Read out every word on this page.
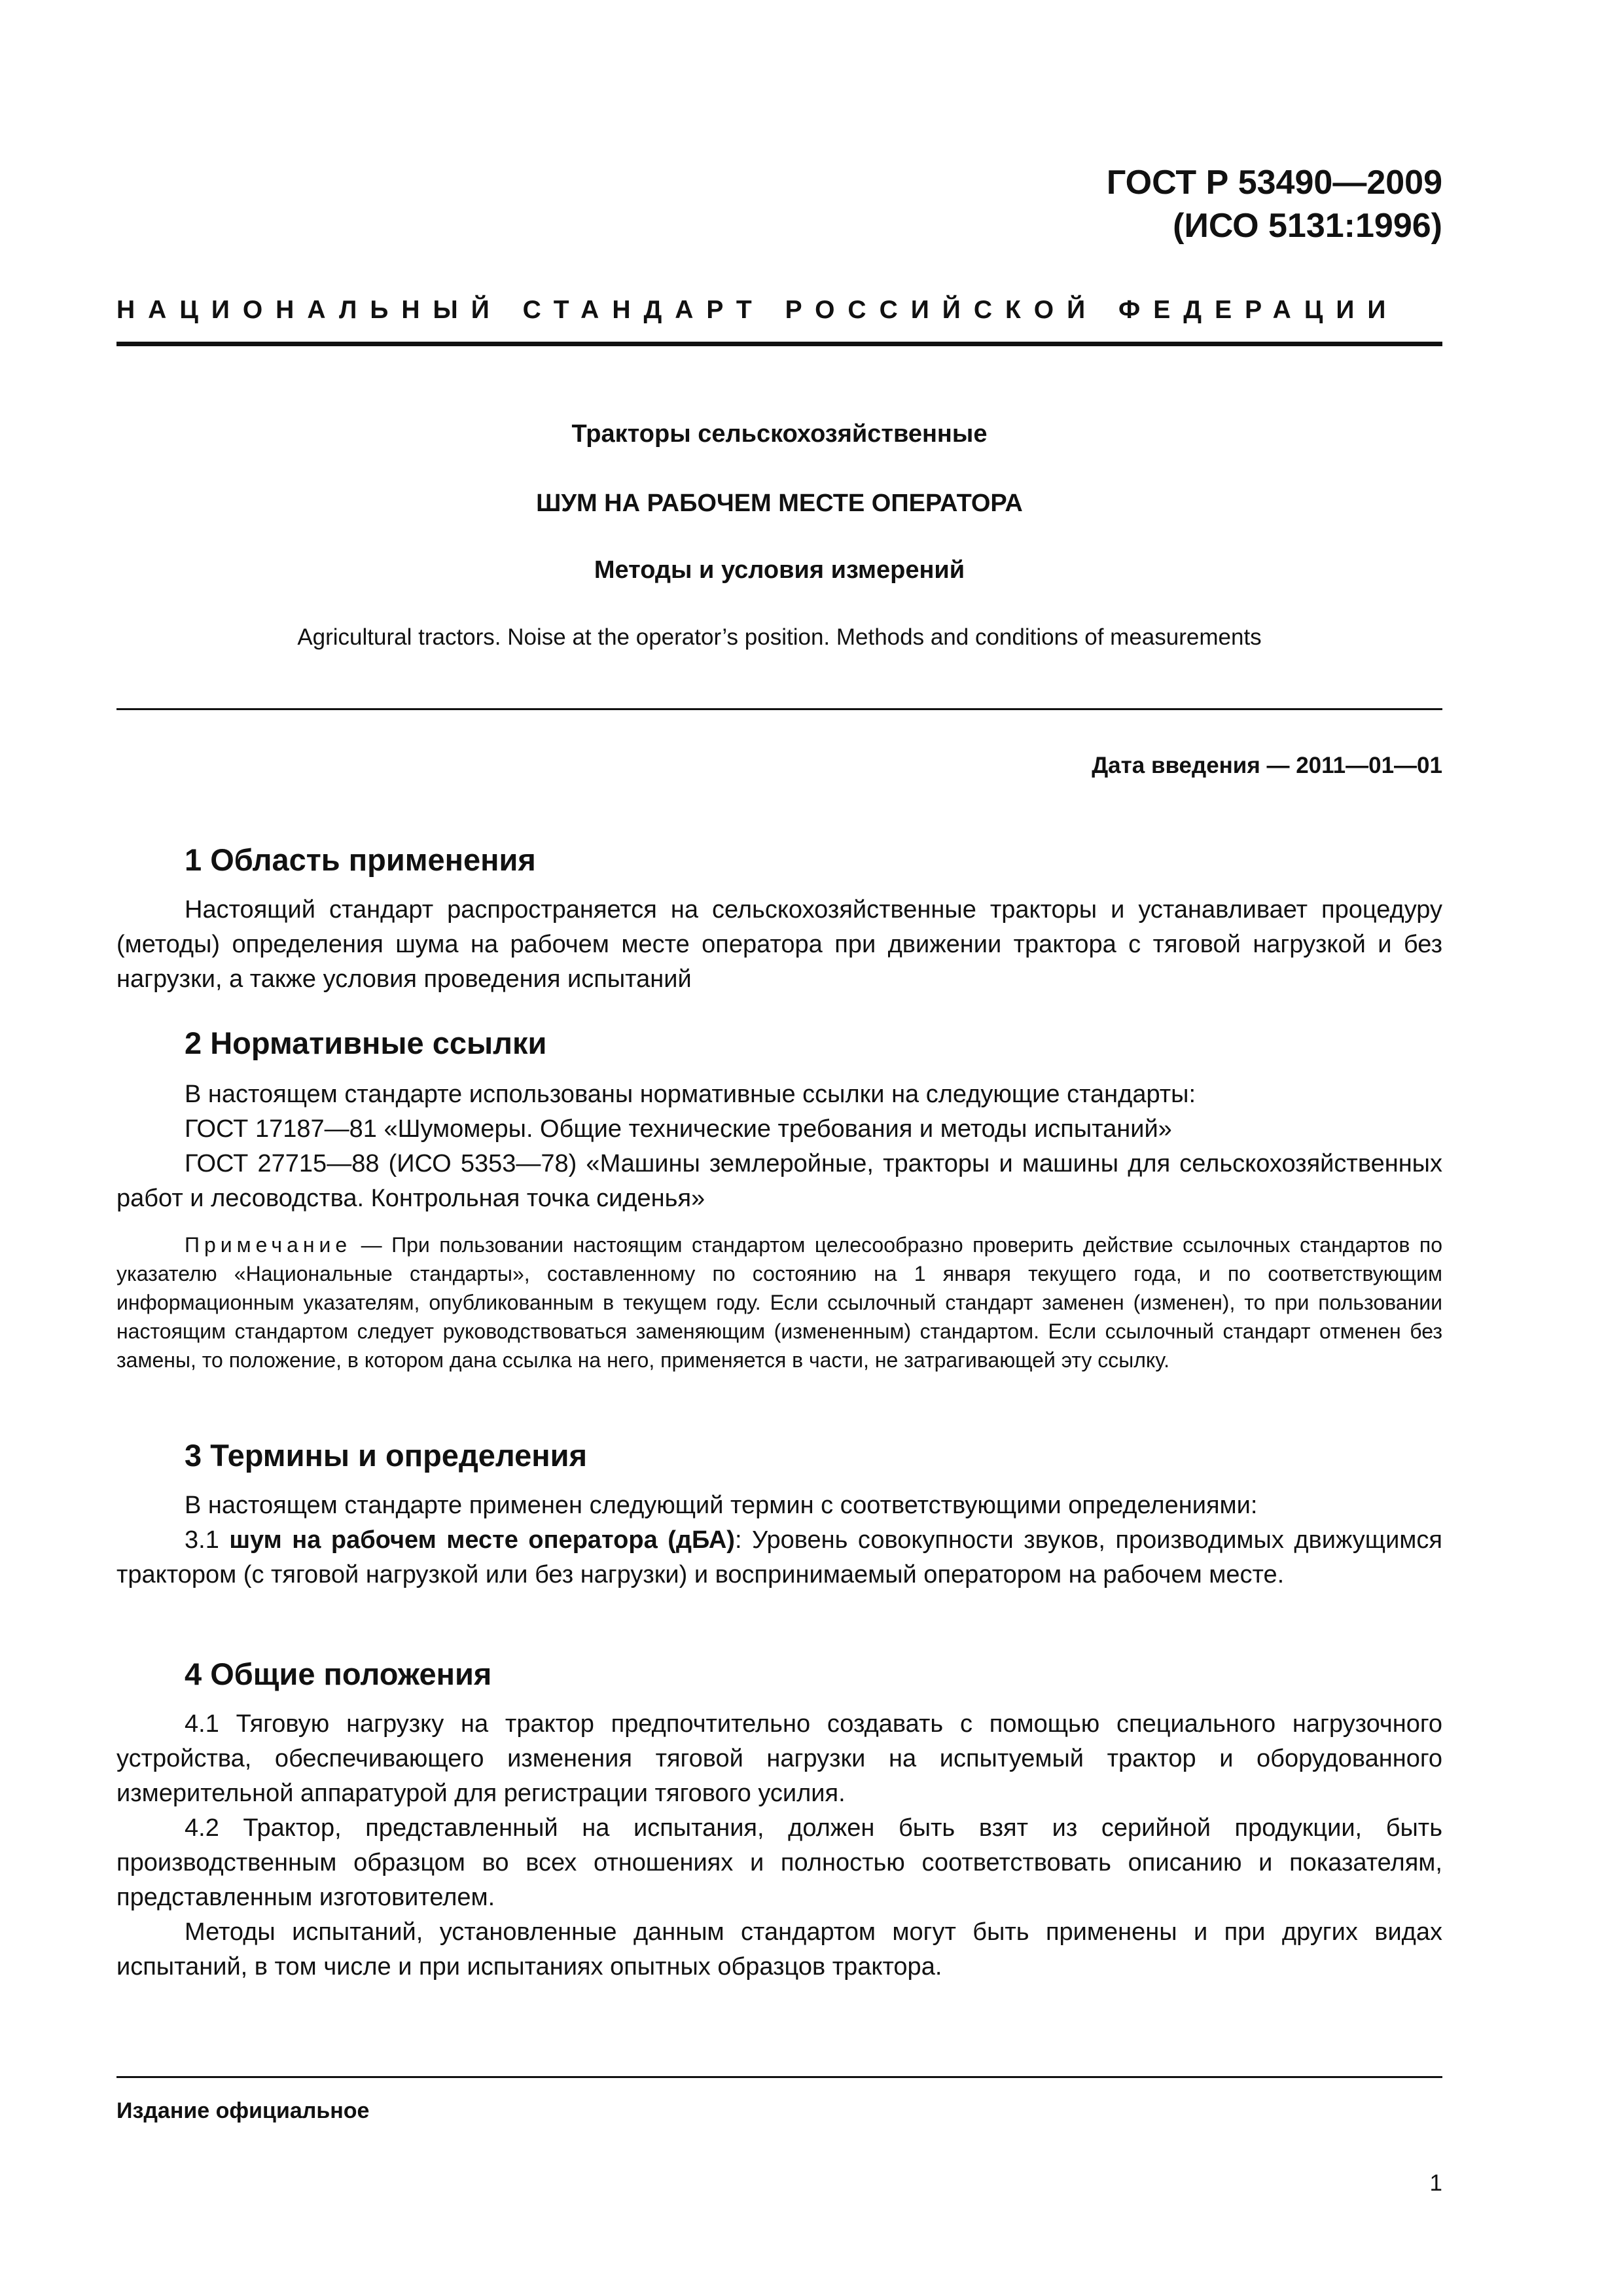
ГОСТ Р 53490—2009
(ИСО 5131:1996)
НАЦИОНАЛЬНЫЙ СТАНДАРТ РОССИЙСКОЙ ФЕДЕРАЦИИ
Тракторы сельскохозяйственные
ШУМ НА РАБОЧЕМ МЕСТЕ ОПЕРАТОРА
Методы и условия измерений
Agricultural tractors. Noise at the operator’s position. Methods and conditions of measurements
Дата введения — 2011—01—01
1 Область применения

Настоящий стандарт распространяется на сельскохозяйственные тракторы и устанавливает процедуру (методы) определения шума на рабочем месте оператора при движении трактора с тяговой нагрузкой и без нагрузки, а также условия проведения испытаний

2 Нормативные ссылки

В настоящем стандарте использованы нормативные ссылки на следующие стандарты:

ГОСТ 17187—81 «Шумомеры. Общие технические требования и методы испытаний»

ГОСТ 27715—88 (ИСО 5353—78) «Машины землеройные, тракторы и машины для сельскохозяйственных работ и лесоводства. Контрольная точка сиденья»

Примечание — При пользовании настоящим стандартом целесообразно проверить действие ссылочных стандартов по указателю «Национальные стандарты», составленному по состоянию на 1 января текущего года, и по соответствующим информационным указателям, опубликованным в текущем году. Если ссылочный стандарт заменен (изменен), то при пользовании настоящим стандартом следует руководствоваться заменяющим (измененным) стандартом. Если ссылочный стандарт отменен без замены, то положение, в котором дана ссылка на него, применяется в части, не затрагивающей эту ссылку.
3 Термины и определения

В настоящем стандарте применен следующий термин с соответствующими определениями:

3.1 шум на рабочем месте оператора (дБА): Уровень совокупности звуков, производимых движущимся трактором (с тяговой нагрузкой или без нагрузки) и воспринимаемый оператором на рабочем месте.

4 Общие положения

4.1 Тяговую нагрузку на трактор предпочтительно создавать с помощью специального нагрузочного устройства, обеспечивающего изменения тяговой нагрузки на испытуемый трактор и оборудованного измерительной аппаратурой для регистрации тягового усилия.

4.2 Трактор, представленный на испытания, должен быть взят из серийной продукции, быть производственным образцом во всех отношениях и полностью соответствовать описанию и показателям, представленным изготовителем.

Методы испытаний, установленные данным стандартом могут быть применены и при других видах испытаний, в том числе и при испытаниях опытных образцов трактора.

Издание официальное
1
